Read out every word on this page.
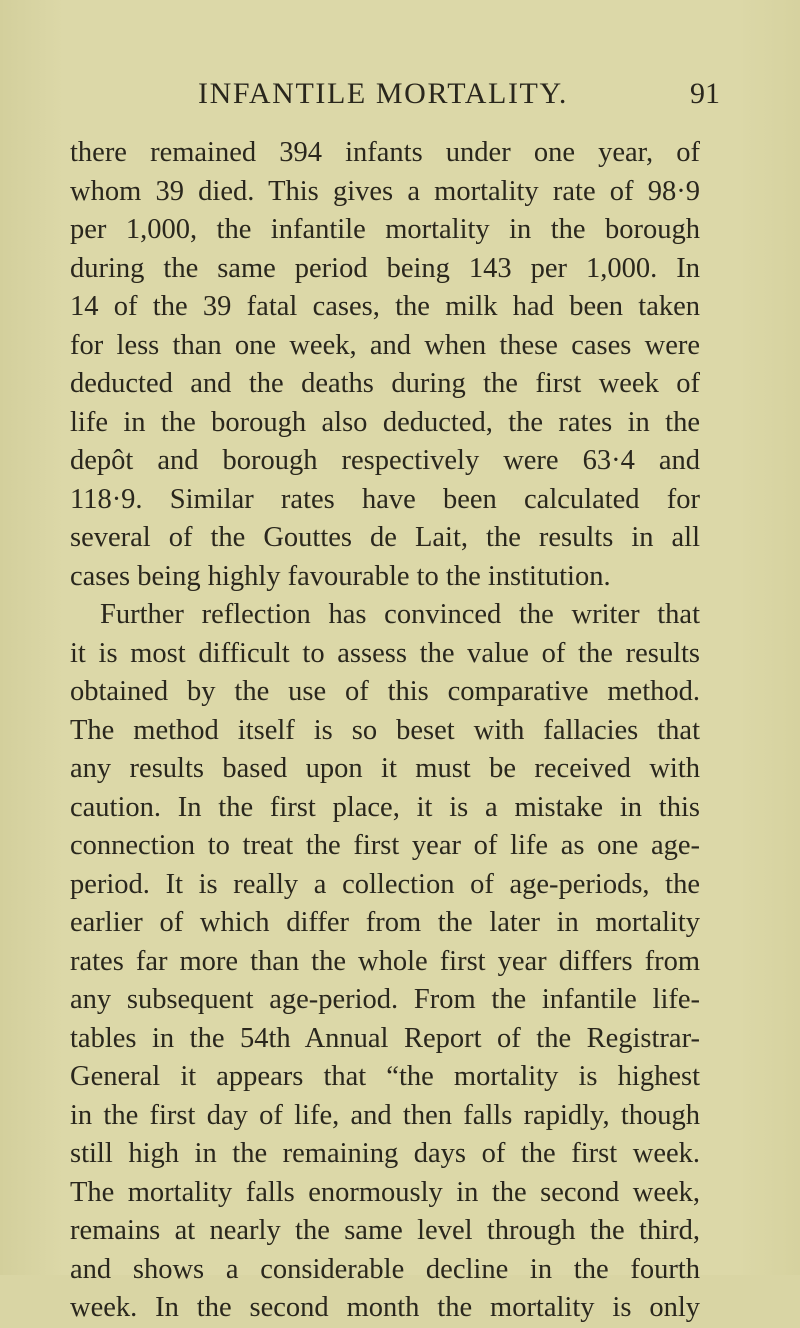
INFANTILE MORTALITY.	91
there remained 394 infants under one year, of
whom 39 died. This gives a mortality rate of 98·9
per 1,000, the infantile mortality in the borough
during the same period being 143 per 1,000. In
14 of the 39 fatal cases, the milk had been taken
for less than one week, and when these cases were
deducted and the deaths during the first week of
life in the borough also deducted, the rates in the
depôt and borough respectively were 63·4 and
118·9. Similar rates have been calculated for
several of the Gouttes de Lait, the results in all
cases being highly favourable to the institution.
Further reflection has convinced the writer that
it is most difficult to assess the value of the results
obtained by the use of this comparative method.
The method itself is so beset with fallacies that
any results based upon it must be received with
caution. In the first place, it is a mistake in this
connection to treat the first year of life as one age-
period. It is really a collection of age-periods, the
earlier of which differ from the later in mortality
rates far more than the whole first year differs from
any subsequent age-period. From the infantile life-
tables in the 54th Annual Report of the Registrar-
General it appears that “the mortality is highest
in the first day of life, and then falls rapidly, though
still high in the remaining days of the first week.
The mortality falls enormously in the second week,
remains at nearly the same level through the third,
and shows a considerable decline in the fourth
week. In the second month the mortality is only
